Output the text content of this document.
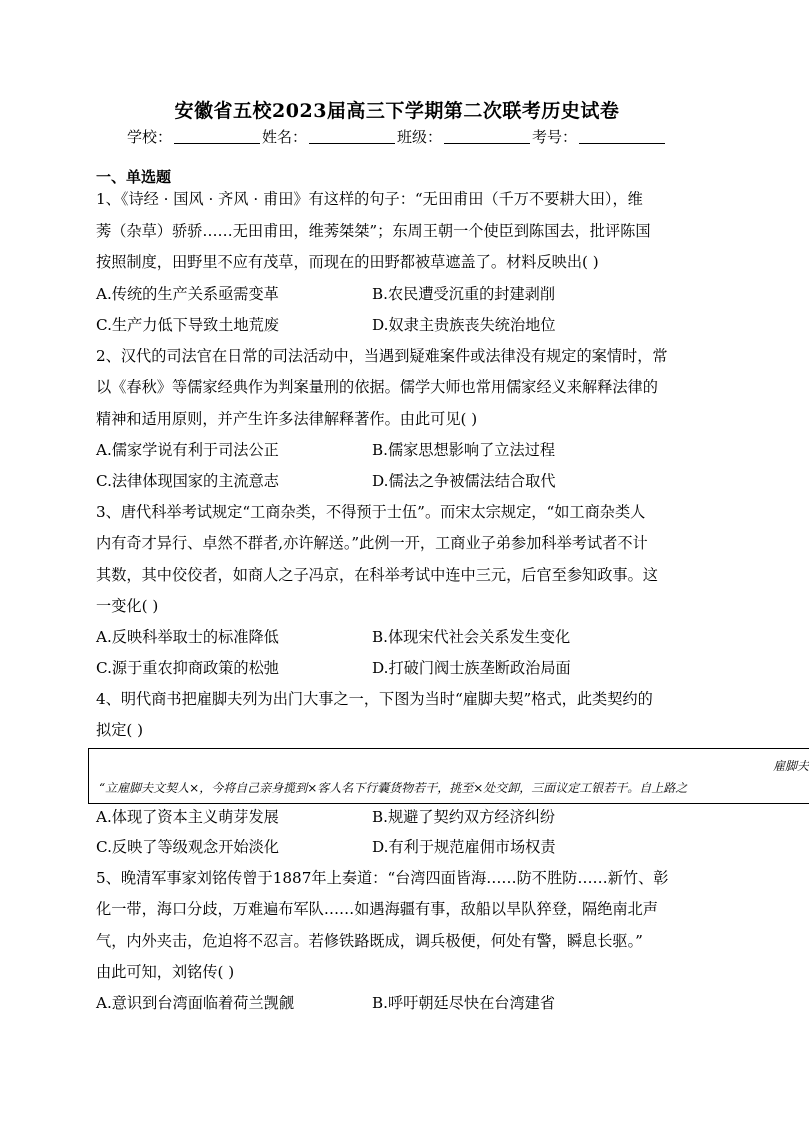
安徽省五校2023届高三下学期第二次联考历史试卷
学校：	姓名：	班级：	考号：
一、单选题
1、《诗经 · 国风 · 齐风 · 甫田》有这样的句子：“无田甫田（千万不要耕大田），维
莠（杂草）骄骄……无田甫田，维莠桀桀”；东周王朝一个使臣到陈国去，批评陈国
按照制度，田野里不应有茂草，而现在的田野都被草遮盖了。材料反映出( )
A.传统的生产关系亟需变革	B.农民遭受沉重的封建剥削
C.生产力低下导致土地荒废	D.奴隶主贵族丧失统治地位
2、汉代的司法官在日常的司法活动中，当遇到疑难案件或法律没有规定的案情时，常
以《春秋》等儒家经典作为判案量刑的依据。儒学大师也常用儒家经义来解释法律的
精神和适用原则，并产生许多法律解释著作。由此可见( )
A.儒家学说有利于司法公正	B.儒家思想影响了立法过程
C.法律体现国家的主流意志	D.儒法之争被儒法结合取代
3、唐代科举考试规定“工商杂类，不得预于士伍”。而宋太宗规定，“如工商杂类人
内有奇才异行、卓然不群者,亦许解送。”此例一开，工商业子弟参加科举考试者不计
其数，其中佼佼者，如商人之子冯京，在科举考试中连中三元，后官至参知政事。这
一变化( )
A.反映科举取士的标准降低	B.体现宋代社会关系发生变化
C.源于重农抑商政策的松弛	D.打破门阀士族垄断政治局面
4、明代商书把雇脚夫列为出门大事之一，下图为当时“雇脚夫契”格式，此类契约的
拟定( )
雇脚夫
“立雇脚夫文契人×，今将自己亲身揽到×客人名下行囊货物若干，挑至×处交卸，三面议定工银若干。自上路之
A.体现了资本主义萌芽发展	B.规避了契约双方经济纠纷
C.反映了等级观念开始淡化	D.有利于规范雇佣市场权责
5、晚清军事家刘铭传曾于1887年上奏道：“台湾四面皆海……防不胜防……新竹、彰
化一带，海口分歧，万难遍布军队……如遇海疆有事，敌船以旱队猝登，隔绝南北声
气，内外夹击，危迫将不忍言。若修铁路既成，调兵极便，何处有警，瞬息长驱。”
由此可知，刘铭传( )
A.意识到台湾面临着荷兰觊觎	B.呼吁朝廷尽快在台湾建省
